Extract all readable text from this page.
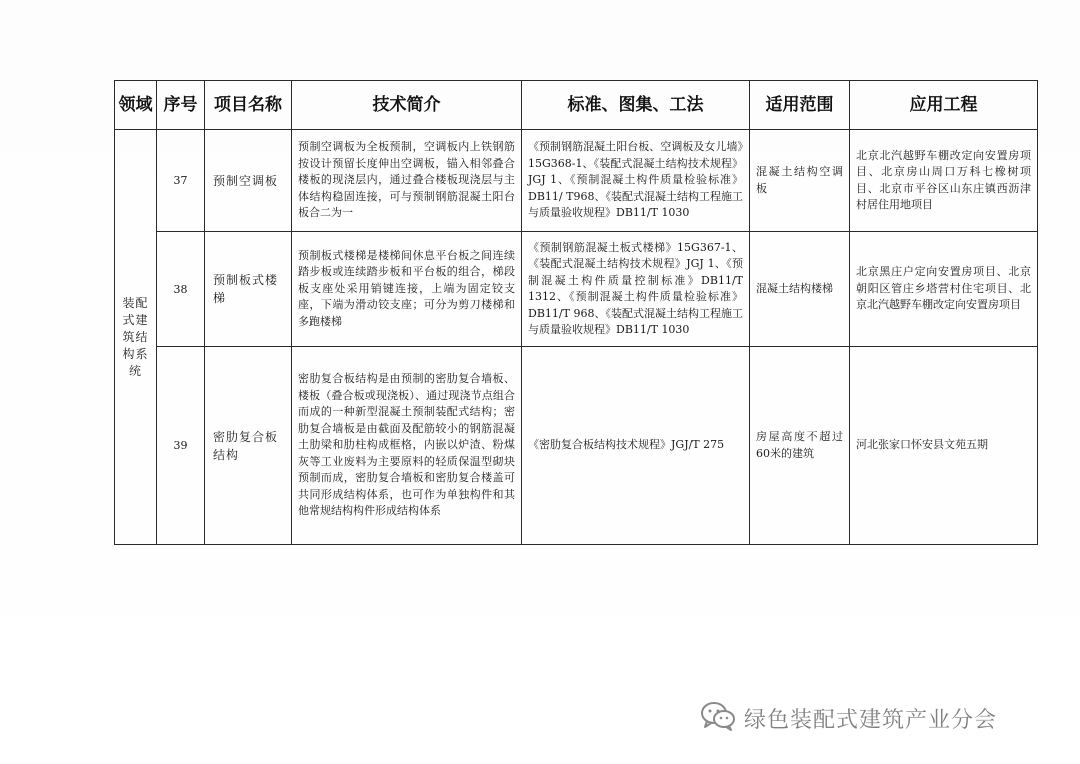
领域	序号	项目名称	技术简介	标准、图集、工法	适用范围	应用工程
装配式建筑结构系统	37	预制空调板	预制空调板为全板预制，空调板内上铁钢筋按设计预留长度伸出空调板，锚入相邻叠合楼板的现浇层内，通过叠合楼板现浇层与主体结构稳固连接，可与预制钢筋混凝土阳台板合二为一	《预制钢筋混凝土阳台板、空调板及女儿墙》15G368-1、《装配式混凝土结构技术规程》JGJ 1、《预制混凝土构件质量检验标准》DB11/ T968、《装配式混凝土结构工程施工与质量验收规程》DB11/T 1030	混凝土结构空调板	北京北汽越野车棚改定向安置房项目、北京房山周口万科七橡树项目、北京市平谷区山东庄镇西沥津村居住用地项目
	38	预制板式楼梯	预制板式楼梯是楼梯间休息平台板之间连续踏步板或连续踏步板和平台板的组合，梯段板支座处采用销键连接，上端为固定铰支座，下端为滑动铰支座；可分为剪刀楼梯和多跑楼梯	《预制钢筋混凝土板式楼梯》15G367-1、《装配式混凝土结构技术规程》JGJ 1、《预制混凝土构件质量控制标准》DB11/T 1312、《预制混凝土构件质量检验标准》DB11/T 968、《装配式混凝土结构工程施工与质量验收规程》DB11/T 1030	混凝土结构楼梯	北京黑庄户定向安置房项目、北京朝阳区管庄乡塔营村住宅项目、北京北汽越野车棚改定向安置房项目
	39	密肋复合板结构	密肋复合板结构是由预制的密肋复合墙板、楼板（叠合板或现浇板）、通过现浇节点组合而成的一种新型混凝土预制装配式结构；密肋复合墙板是由截面及配筋较小的钢筋混凝土肋梁和肋柱构成框格，内嵌以炉渣、粉煤灰等工业废料为主要原料的轻质保温型砌块预制而成，密肋复合墙板和密肋复合楼盖可共同形成结构体系，也可作为单独构件和其他常规结构构件形成结构体系	《密肋复合板结构技术规程》JGJ/T 275	房屋高度不超过60米的建筑	河北张家口怀安县文苑五期
绿色装配式建筑产业分会
